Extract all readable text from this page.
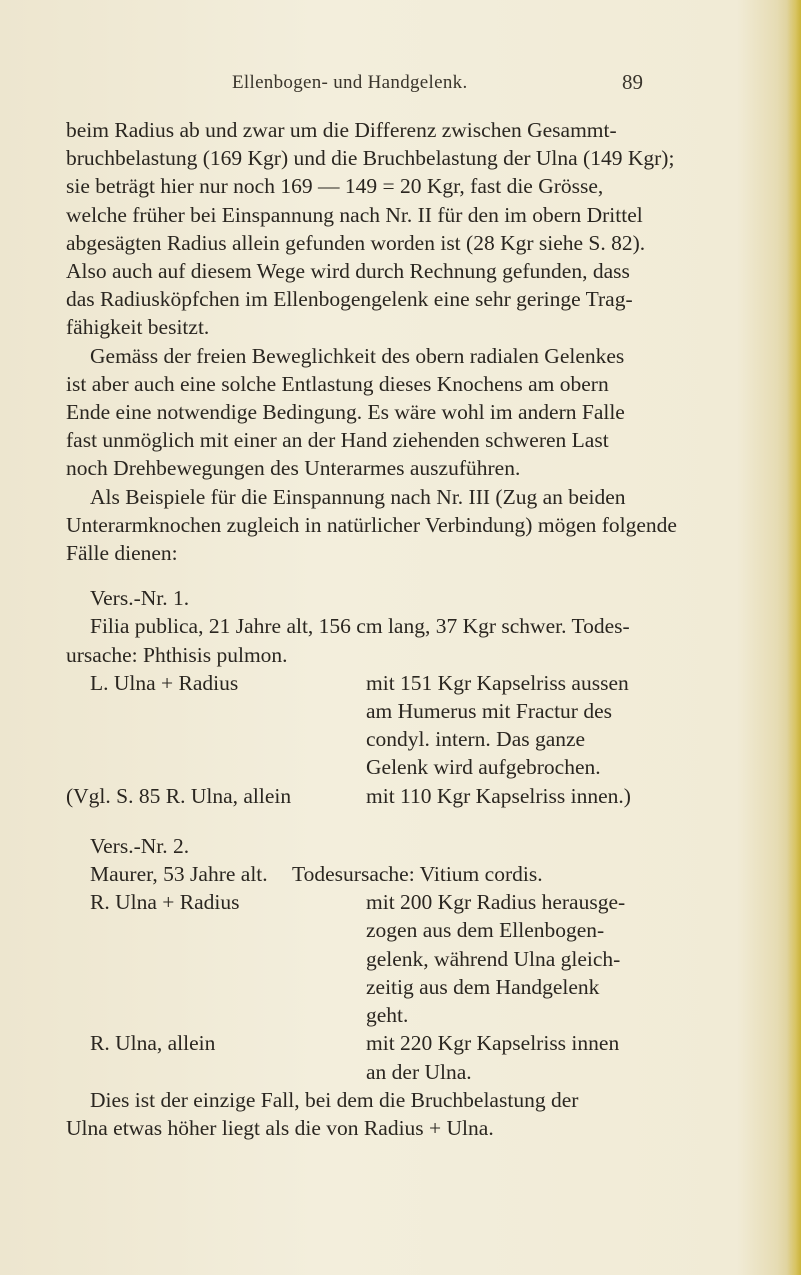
Ellenbogen- und Handgelenk.	89

beim Radius ab und zwar um die Differenz zwischen Gesammt-

bruchbelastung (169 Kgr) und die Bruchbelastung der Ulna (149 Kgr);

sie beträgt hier nur noch 169 — 149 = 20 Kgr, fast die Grösse,

welche früher bei Einspannung nach Nr. II für den im obern Drittel

abgesägten Radius allein gefunden worden ist (28 Kgr siehe S. 82).

Also auch auf diesem Wege wird durch Rechnung gefunden, dass

das Radiusköpfchen im Ellenbogengelenk eine sehr geringe Trag-

fähigkeit besitzt.

Gemäss der freien Beweglichkeit des obern radialen Gelenkes

ist aber auch eine solche Entlastung dieses Knochens am obern

Ende eine notwendige Bedingung. Es wäre wohl im andern Falle

fast unmöglich mit einer an der Hand ziehenden schweren Last

noch Drehbewegungen des Unterarmes auszuführen.

Als Beispiele für die Einspannung nach Nr. III (Zug an beiden

Unterarmknochen zugleich in natürlicher Verbindung) mögen folgende

Fälle dienen:

Vers.-Nr. 1.

Filia publica, 21 Jahre alt, 156 cm lang, 37 Kgr schwer. Todes-

ursache: Phthisis pulmon.

L. Ulna + Radius	mit 151 Kgr Kapselriss aussen

am Humerus mit Fractur des

condyl. intern. Das ganze

Gelenk wird aufgebrochen.

(Vgl. S. 85 R. Ulna, allein	mit 110 Kgr Kapselriss innen.)

Vers.-Nr. 2.

Maurer, 53 Jahre alt.	Todesursache: Vitium cordis.

R. Ulna + Radius	mit 200 Kgr Radius herausge-

zogen aus dem Ellenbogen-

gelenk, während Ulna gleich-

zeitig aus dem Handgelenk

geht.

R. Ulna, allein	mit 220 Kgr Kapselriss innen

an der Ulna.

Dies ist der einzige Fall, bei dem die Bruchbelastung der

Ulna etwas höher liegt als die von Radius + Ulna.
